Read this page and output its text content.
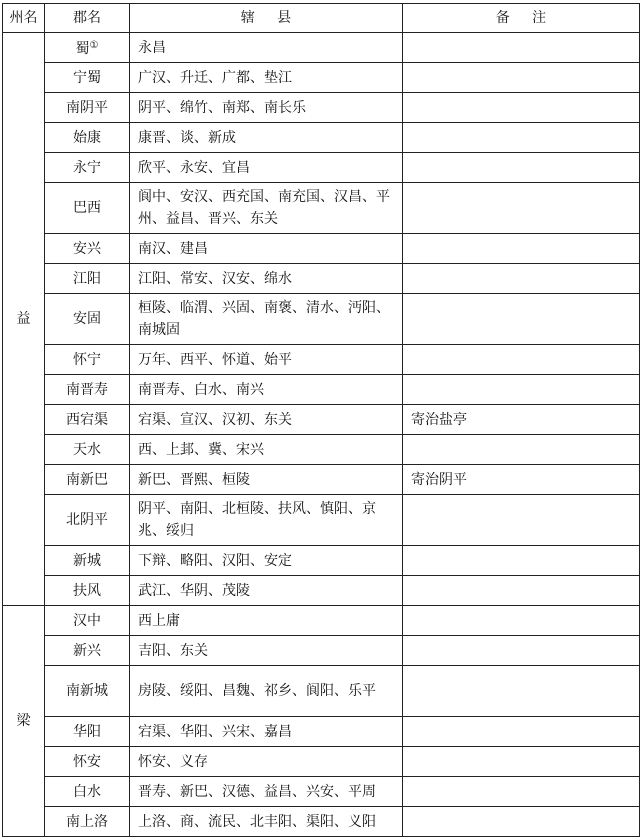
州名	郡名	辖县	备注
益	蜀①	永昌	
	宁蜀	广汉、升迁、广都、垫江	
	南阴平	阴平、绵竹、南郑、南长乐	
	始康	康晋、谈、新成	
	永宁	欣平、永安、宜昌	
	巴西	阆中、安汉、西充国、南充国、汉昌、平州、益昌、晋兴、东关	
	安兴	南汉、建昌	
	江阳	江阳、常安、汉安、绵水	
	安固	桓陵、临渭、兴固、南褒、清水、沔阳、南城固	
	怀宁	万年、西平、怀道、始平	
	南晋寿	南晋寿、白水、南兴	
	西宕渠	宕渠、宣汉、汉初、东关	寄治盐亭
	天水	西、上邽、冀、宋兴	
	南新巴	新巴、晋熙、桓陵	寄治阴平
	北阴平	阴平、南阳、北桓陵、扶风、慎阳、京兆、绥归	
	新城	下辩、略阳、汉阳、安定	
	扶风	武江、华阴、茂陵	
梁	汉中	西上庸	
	新兴	吉阳、东关	
	南新城	房陵、绥阳、昌魏、祁乡、阆阳、乐平	
	华阳	宕渠、华阳、兴宋、嘉昌	
	怀安	怀安、义存	
	白水	晋寿、新巴、汉德、益昌、兴安、平周	
	南上洛	上洛、商、流民、北丰阳、渠阳、义阳	
